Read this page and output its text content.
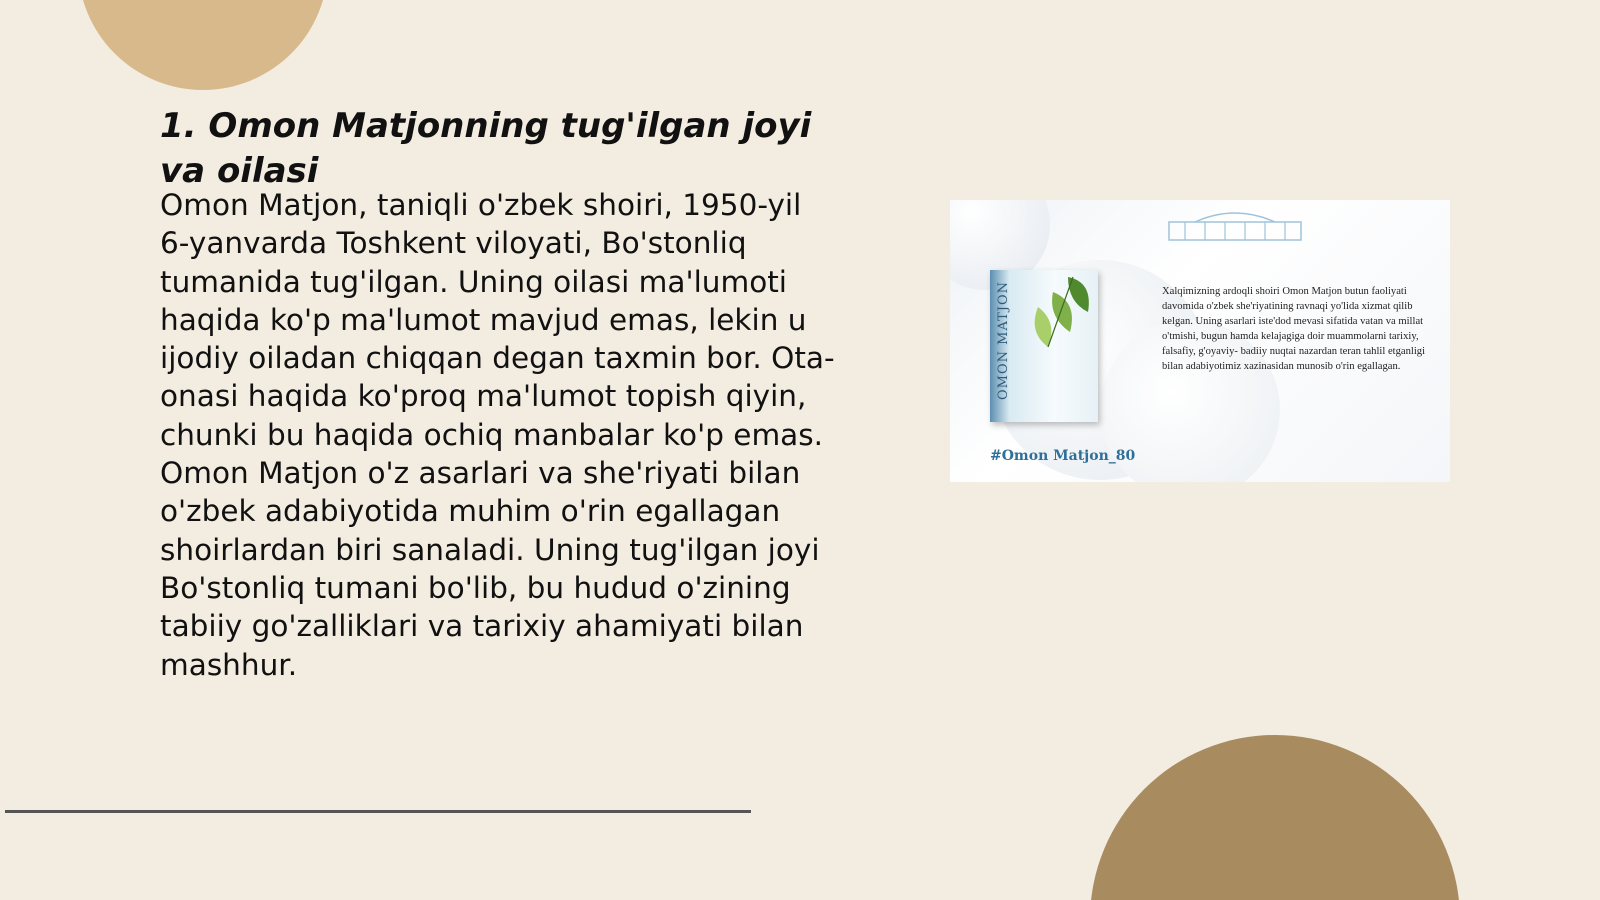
1. Omon Matjonning tug'ilgan joyi va oilasi

Omon Matjon, taniqli o'zbek shoiri, 1950-yil 6-yanvarda Toshkent viloyati, Bo'stonliq tumanida tug'ilgan. Uning oilasi ma'lumoti haqida ko'p ma'lumot mavjud emas, lekin u ijodiy oiladan chiqqan degan taxmin bor. Ota-onasi haqida ko'proq ma'lumot topish qiyin, chunki bu haqida ochiq manbalar ko'p emas. Omon Matjon o'z asarlari va she'riyati bilan o'zbek adabiyotida muhim o'rin egallagan shoirlardan biri sanaladi. Uning tug'ilgan joyi Bo'stonliq tumani bo'lib, bu hudud o'zining tabiiy go'zalliklari va tarixiy ahamiyati bilan mashhur.

OMON MATJON	Xalqimizning ardoqli shoiri Omon Matjon butun faoliyati davomida o'zbek she'riyatining ravnaqi yo'lida xizmat qilib kelgan. Uning asarlari iste'dod mevasi sifatida vatan va millat o'tmishi, bugun hamda kelajagiga doir muammolarni tarixiy, falsafiy, g'oyaviy- badiiy nuqtai nazardan teran tahlil etganligi bilan adabiyotimiz xazinasidan munosib o'rin egallagan.

#Omon Matjon_80
